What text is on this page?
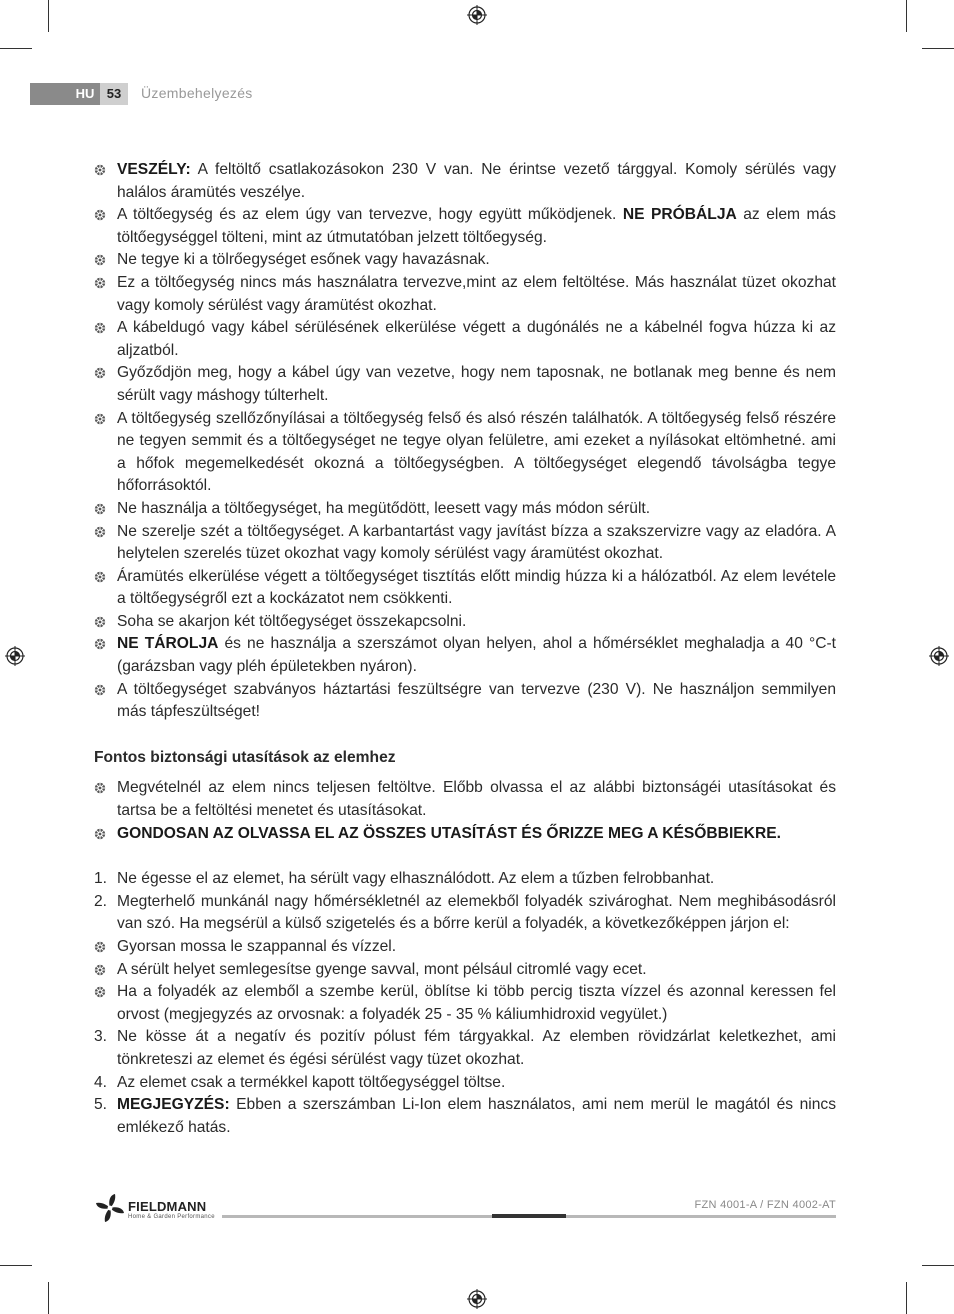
HU 53	Üzembehelyezés
VESZÉLY: A feltöltő csatlakozásokon 230 V van. Ne érintse vezető tárggyal. Komoly sérülés vagy halálos áramütés veszélye.
A töltőegység és az elem úgy van tervezve, hogy együtt működjenek. NE PRÓBÁLJA az elem más töltőegységgel tölteni, mint az útmutatóban jelzett töltőegység.
Ne tegye ki a tölrőegységet esőnek vagy havazásnak.
Ez a töltőegység nincs más használatra tervezve,mint az elem feltöltése. Más használat tüzet okozhat vagy komoly sérülést vagy áramütést okozhat.
A kábeldugó vagy kábel sérülésének elkerülése végett a dugónálés ne a kábelnél fogva húzza ki az aljzatból.
Győződjön meg, hogy a kábel úgy van vezetve, hogy nem taposnak, ne botlanak meg benne és nem sérült vagy máshogy túlterhelt.
A töltőegység szellőzőnyílásai a töltőegység felső és alsó részén találhatók. A töltőegység felső részére ne tegyen semmit és a töltőegységet ne tegye olyan felületre, ami ezeket a nyílásokat eltömhetné. ami a hőfok megemelkedését okozná a töltőegységben. A töltőegységet elegendő távolságba tegye hőforrásoktól.
Ne használja a töltőegységet, ha megütődött, leesett vagy más módon sérült.
Ne szerelje szét a töltőegységet. A karbantartást vagy javítást bízza a szakszervizre vagy az eladóra. A helytelen szerelés tüzet okozhat vagy komoly sérülést vagy áramütést okozhat.
Áramütés elkerülése végett a töltőegységet tisztítás előtt mindig húzza ki a hálózatból. Az elem levétele a töltőegységről ezt a kockázatot nem csökkenti.
Soha se akarjon két töltőegységet összekapcsolni.
NE TÁROLJA és ne használja a szerszámot olyan helyen, ahol a hőmérséklet meghaladja a 40 °C-t (garázsban vagy pléh épületekben nyáron).
A töltőegységet szabványos háztartási feszültségre van tervezve (230 V). Ne használjon semmilyen más tápfeszültséget!
Fontos biztonsági utasítások az elemhez
Megvételnél az elem nincs teljesen feltöltve. Előbb olvassa el az alábbi biztonságéi utasításokat és tartsa be a feltöltési menetet és utasításokat.
GONDOSAN AZ OLVASSA EL AZ ÖSSZES UTASÍTÁST ÉS ŐRIZZE MEG A KÉSŐBBIEKRE.
1. Ne égesse el az elemet, ha sérült vagy elhasználódott. Az elem a tűzben felrobbanhat.
2. Megterhelő munkánál nagy hőmérsékletnél az elemekből folyadék szivároghat. Nem meghibásodásról van szó. Ha megsérül a külső szigetelés és a bőrre kerül a folyadék, a következőképpen járjon el:
Gyorsan mossa le szappannal és vízzel.
A sérült helyet semlegesítse gyenge savval, mont pélsául citromlé vagy ecet.
Ha a folyadék az elemből a szembe kerül, öblítse ki több percig tiszta vízzel és azonnal keressen fel orvost (megjegyzés az orvosnak: a folyadék 25 - 35 % káliumhidroxid vegyület.)
3. Ne kösse át a negatív és pozitív pólust fém tárgyakkal. Az elemben rövidzárlat keletkezhet, ami tönkreteszi az elemet és égési sérülést vagy tüzet okozhat.
4. Az elemet csak a termékkel kapott töltőegységgel töltse.
5. MEGJEGYZÉS: Ebben a szerszámban Li-Ion elem használatos, ami nem merül le magától és nincs emlékező hatás.
FIELDMANN
Home & Garden Performance
FZN 4001-A / FZN 4002-AT
